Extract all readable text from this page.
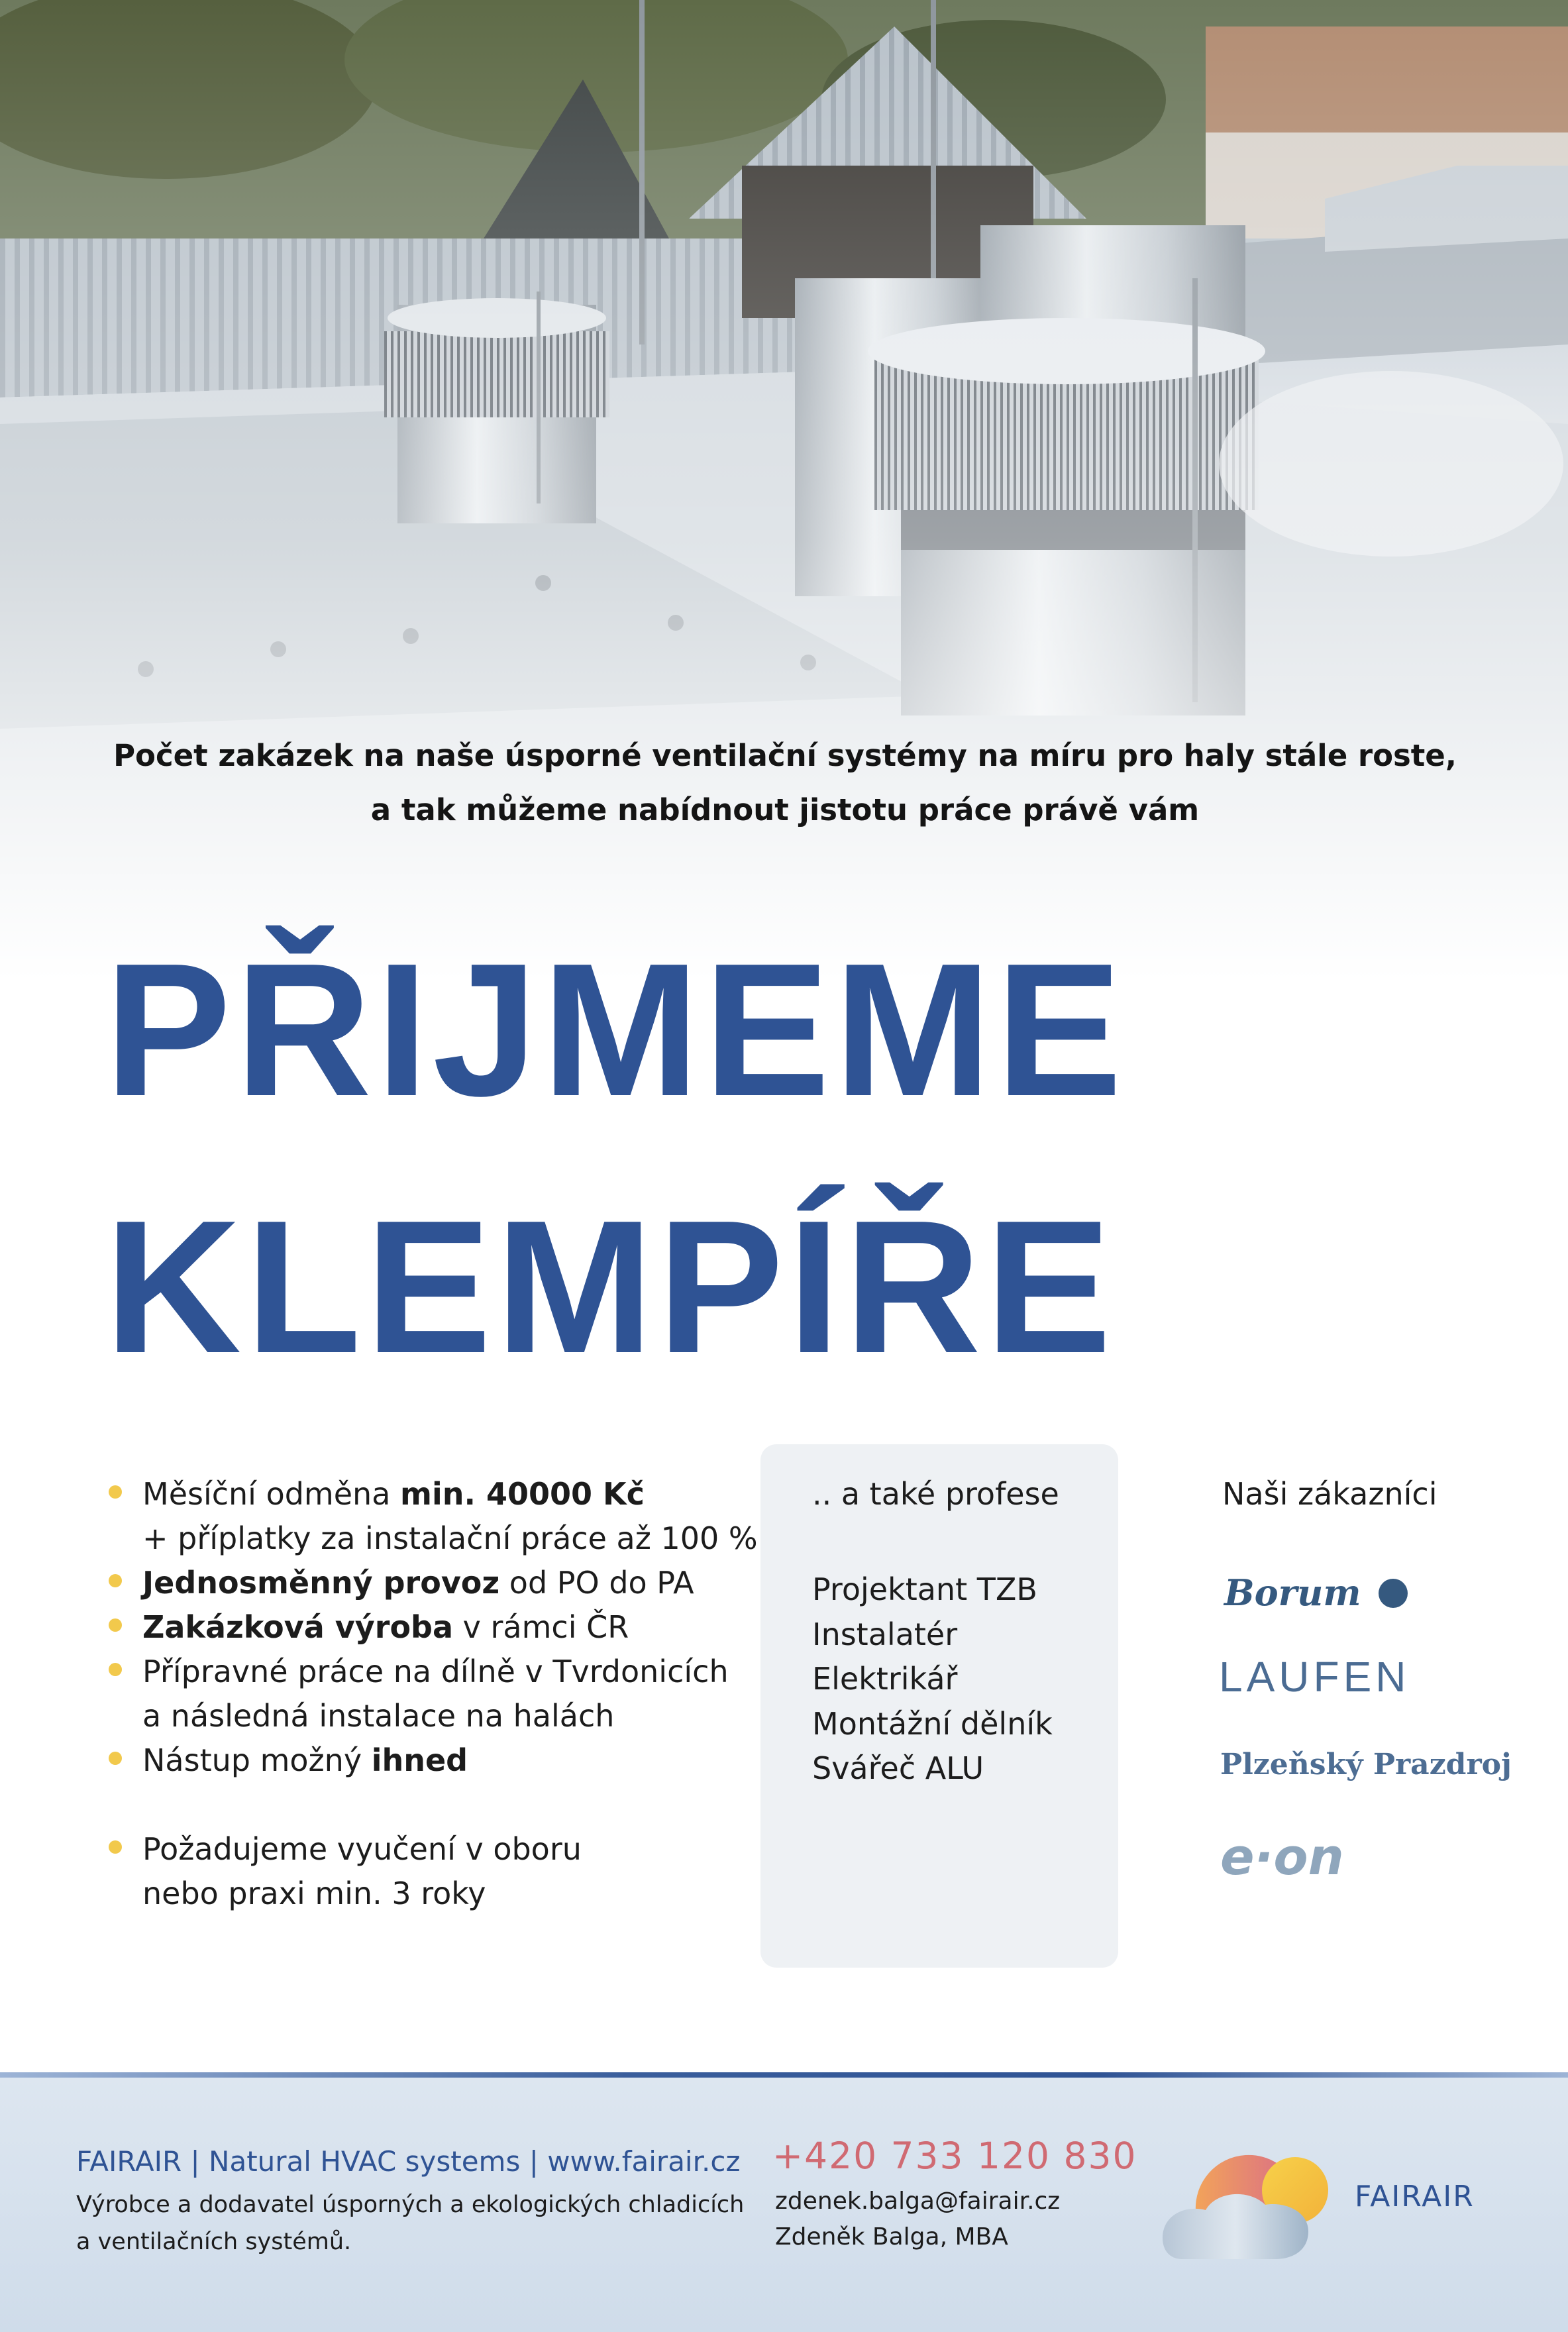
Počet zakázek na naše úsporné ventilační systémy na míru pro haly stále roste,
a tak můžeme nabídnout jistotu práce právě vám
PŘIJMEME
KLEMPÍŘE
Měsíční odměna min. 40000 Kč
+ příplatky za instalační práce až 100 %
Jednosměnný provoz od PO do PA
Zakázková výroba v rámci ČR
Přípravné práce na dílně v Tvrdonicích
a následná instalace na halách
Nástup možný ihned
Požadujeme vyučení v oboru
nebo praxi min. 3 roky
.. a také profese
Projektant TZB
Instalatér
Elektrikář
Montážní dělník
Svářeč ALU
Naši zákazníci
Borum
LAUFEN
Plzeňský Prazdroj
e·on
FAIRAIR | Natural HVAC systems | www.fairair.cz
Výrobce a dodavatel úsporných a ekologických chladicích
a ventilačních systémů.
+420 733 120 830
zdenek.balga@fairair.cz
Zdeněk Balga, MBA
FAIRAIR
